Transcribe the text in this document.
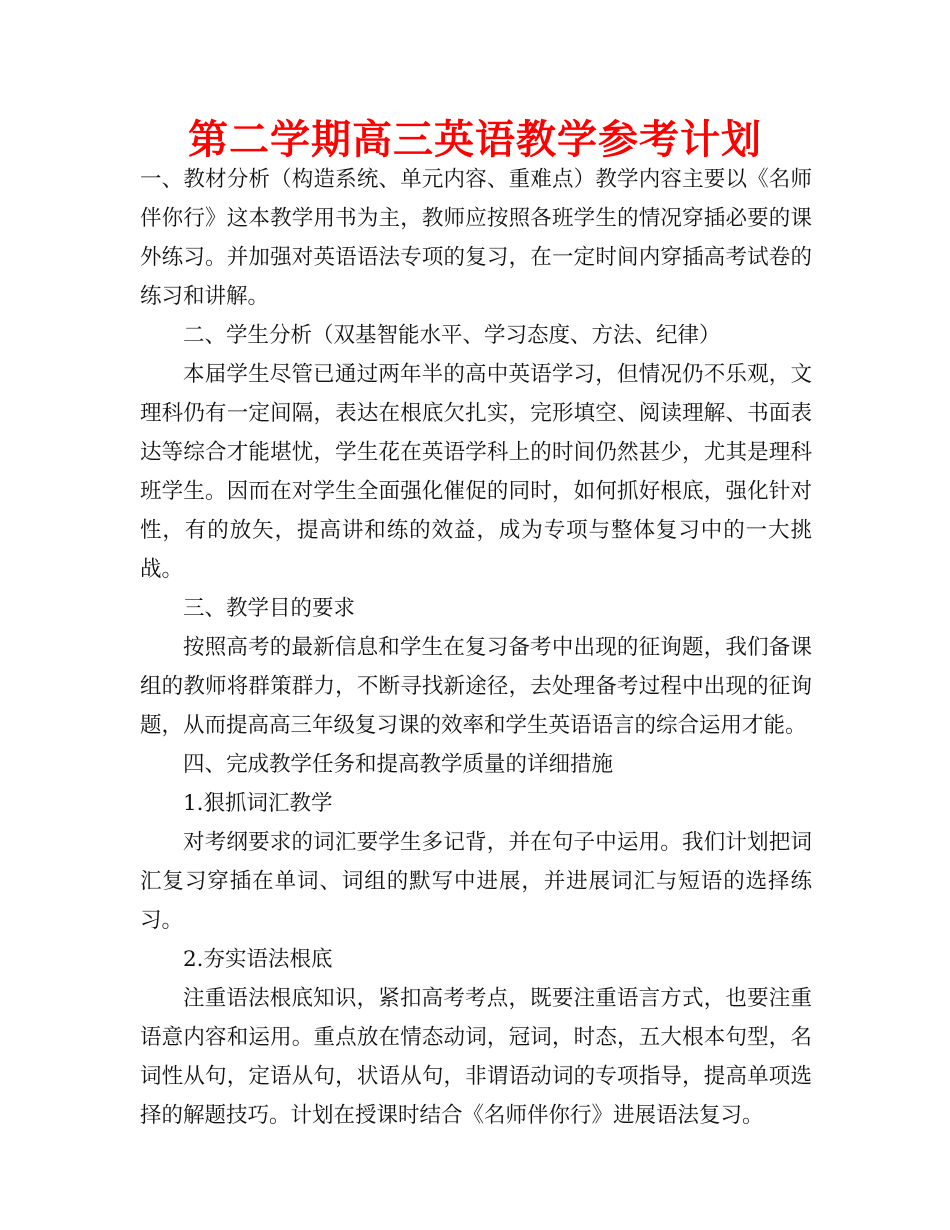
第二学期高三英语教学参考计划

一、教材分析（构造系统、单元内容、重难点）教学内容主要以《名师伴你行》这本教学用书为主，教师应按照各班学生的情况穿插必要的课外练习。并加强对英语语法专项的复习，在一定时间内穿插高考试卷的练习和讲解。

二、学生分析（双基智能水平、学习态度、方法、纪律）

本届学生尽管已通过两年半的高中英语学习，但情况仍不乐观，文理科仍有一定间隔，表达在根底欠扎实，完形填空、阅读理解、书面表达等综合才能堪忧，学生花在英语学科上的时间仍然甚少，尤其是理科班学生。因而在对学生全面强化催促的同时，如何抓好根底，强化针对性，有的放矢，提高讲和练的效益，成为专项与整体复习中的一大挑战。

三、教学目的要求

按照高考的最新信息和学生在复习备考中出现的征询题，我们备课组的教师将群策群力，不断寻找新途径，去处理备考过程中出现的征询题，从而提高高三年级复习课的效率和学生英语语言的综合运用才能。

四、完成教学任务和提高教学质量的详细措施

1.狠抓词汇教学

对考纲要求的词汇要学生多记背，并在句子中运用。我们计划把词汇复习穿插在单词、词组的默写中进展，并进展词汇与短语的选择练习。

2.夯实语法根底

注重语法根底知识，紧扣高考考点，既要注重语言方式，也要注重语意内容和运用。重点放在情态动词，冠词，时态，五大根本句型，名词性从句，定语从句，状语从句，非谓语动词的专项指导，提高单项选择的解题技巧。计划在授课时结合《名师伴你行》进展语法复习。
